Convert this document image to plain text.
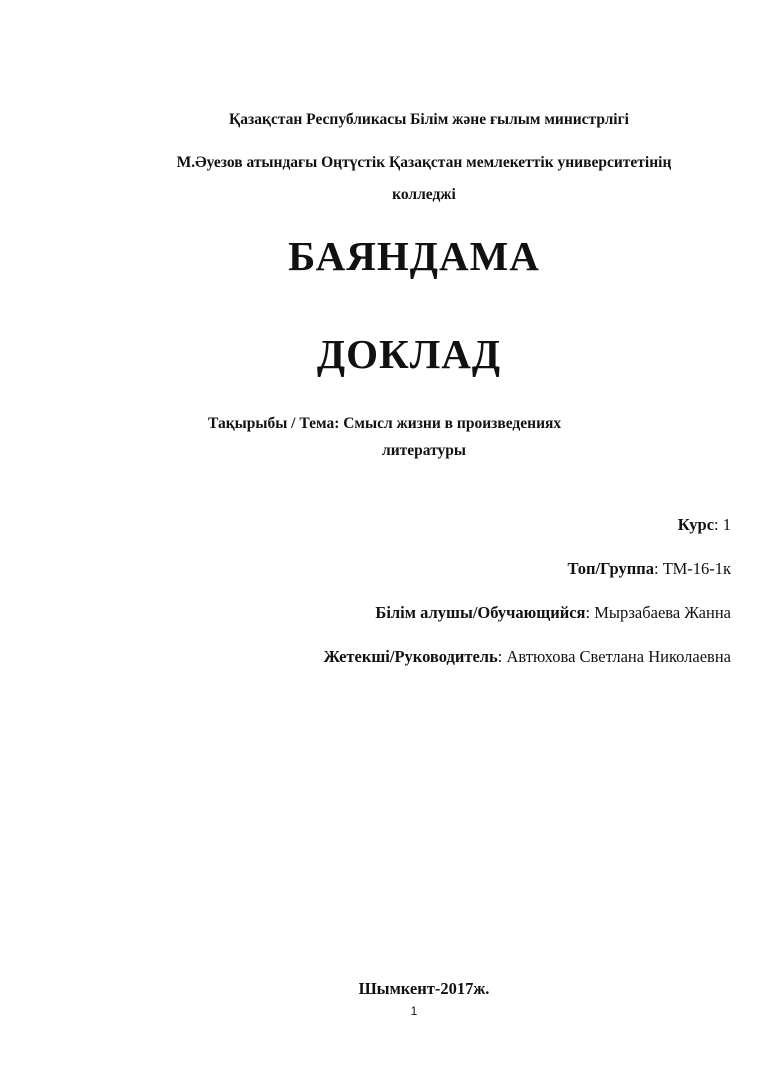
Қазақстан Республикасы Білім және ғылым министрлігі
М.Әуезов атындағы Оңтүстік Қазақстан мемлекеттік университетінің
колледжі
БАЯНДАМА
ДОКЛАД
Тақырыбы / Тема: Смысл жизни в произведениях
литературы
Курс: 1
Топ/Группа: ТМ-16-1к
Білім алушы/Обучающийся: Мырзабаева Жанна
Жетекші/Руководитель: Автюхова Светлана Николаевна
Шымкент-2017ж.
1
